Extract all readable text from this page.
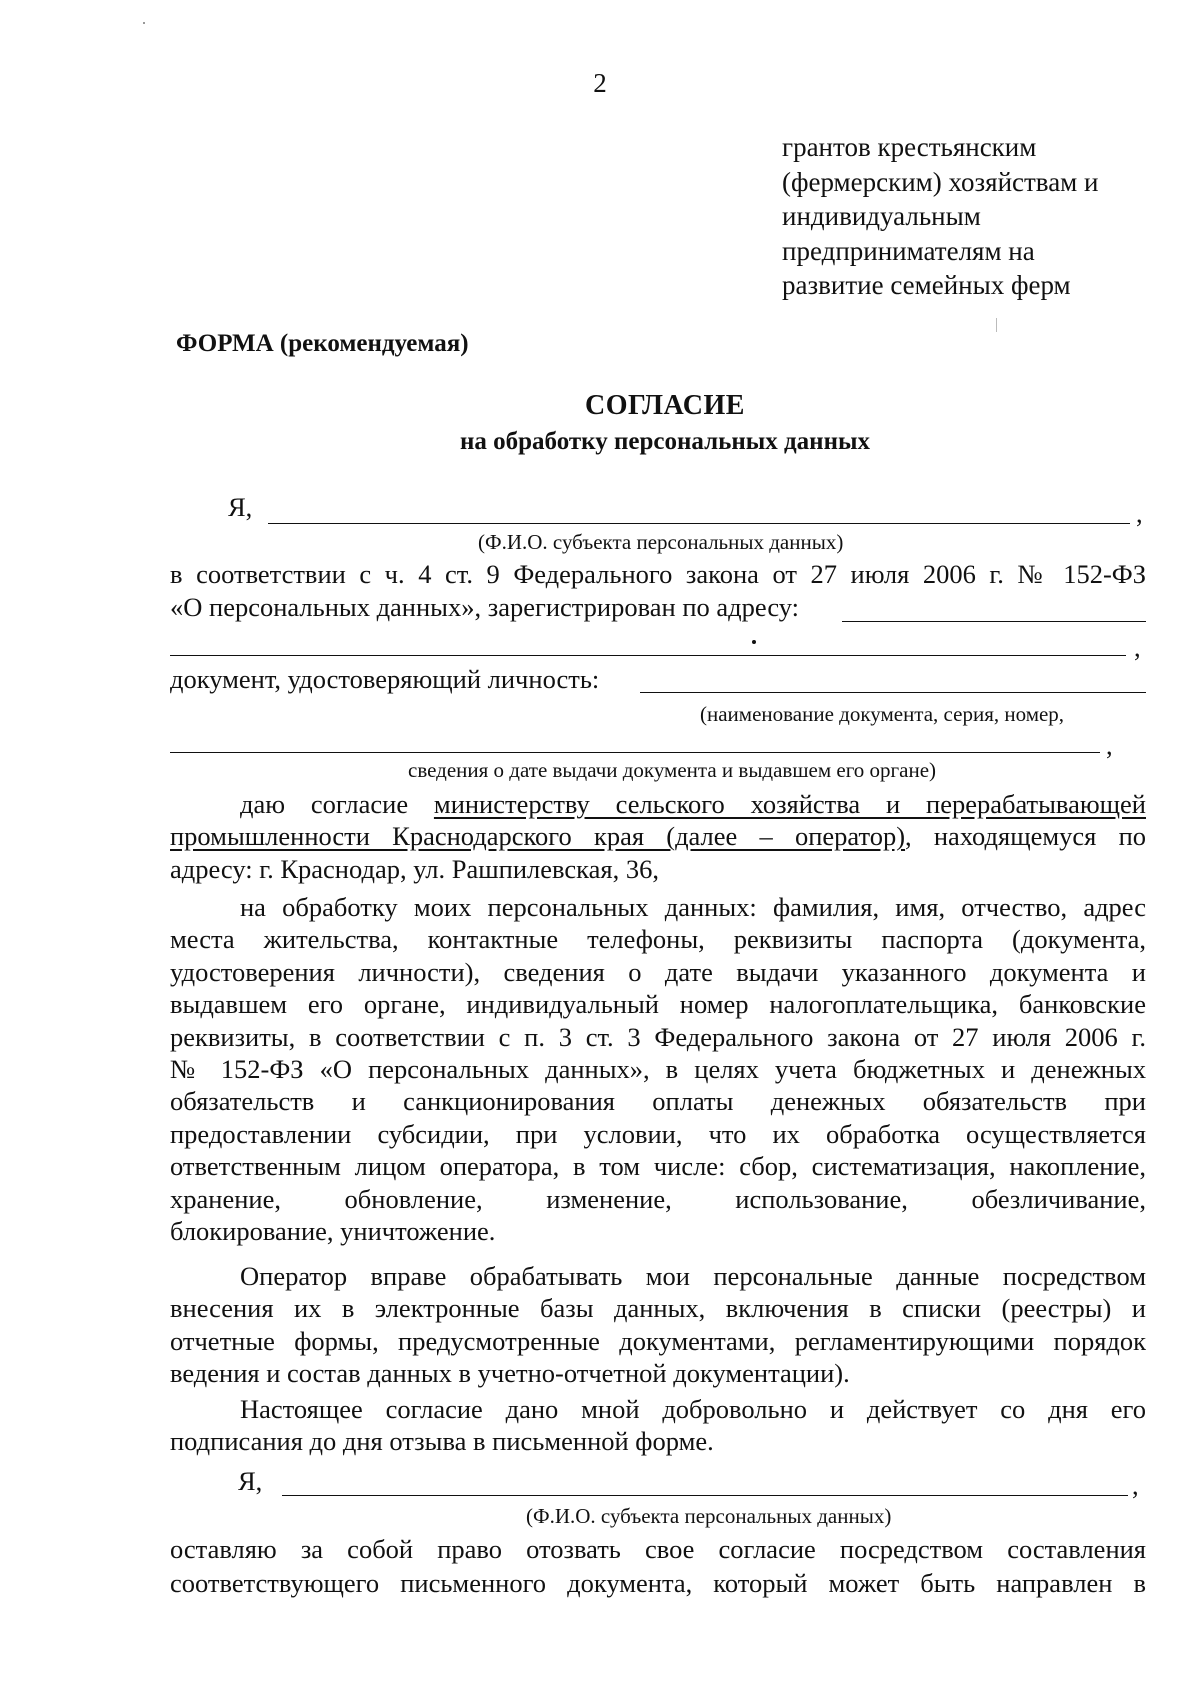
2
грантов крестьянским
(фермерским) хозяйствам и
индивидуальным
предпринимателям на
развитие семейных ферм
ФОРМА (рекомендуемая)
СОГЛАСИЕ
на обработку персональных данных
Я,	,
(Ф.И.О. субъекта персональных данных)
в соответствии с ч. 4 ст. 9 Федерального закона от 27 июля 2006 г. № 152-ФЗ
«О персональных данных», зарегистрирован по адресу:
,
документ, удостоверяющий личность:
(наименование документа, серия, номер,
,
сведения о дате выдачи документа и выдавшем его органе)
даю согласие министерству сельского хозяйства и перерабатывающей
промышленности Краснодарского края (далее – оператор), находящемуся по
адресу: г. Краснодар, ул. Рашпилевская, 36,
на обработку моих персональных данных: фамилия, имя, отчество, адрес
места жительства, контактные телефоны, реквизиты паспорта (документа,
удостоверения личности), сведения о дате выдачи указанного документа и
выдавшем его органе, индивидуальный номер налогоплательщика, банковские
реквизиты, в соответствии с п. 3 ст. 3 Федерального закона от 27 июля 2006 г.
№ 152-ФЗ «О персональных данных», в целях учета бюджетных и денежных
обязательств и санкционирования оплаты денежных обязательств при
предоставлении субсидии, при условии, что их обработка осуществляется
ответственным лицом оператора, в том числе: сбор, систематизация, накопление,
хранение, обновление, изменение, использование, обезличивание,
блокирование, уничтожение.
Оператор вправе обрабатывать мои персональные данные посредством
внесения их в электронные базы данных, включения в списки (реестры) и
отчетные формы, предусмотренные документами, регламентирующими порядок
ведения и состав данных в учетно-отчетной документации).
Настоящее согласие дано мной добровольно и действует со дня его
подписания до дня отзыва в письменной форме.
Я,	,
(Ф.И.О. субъекта персональных данных)
оставляю за собой право отозвать свое согласие посредством составления
соответствующего письменного документа, который может быть направлен в
